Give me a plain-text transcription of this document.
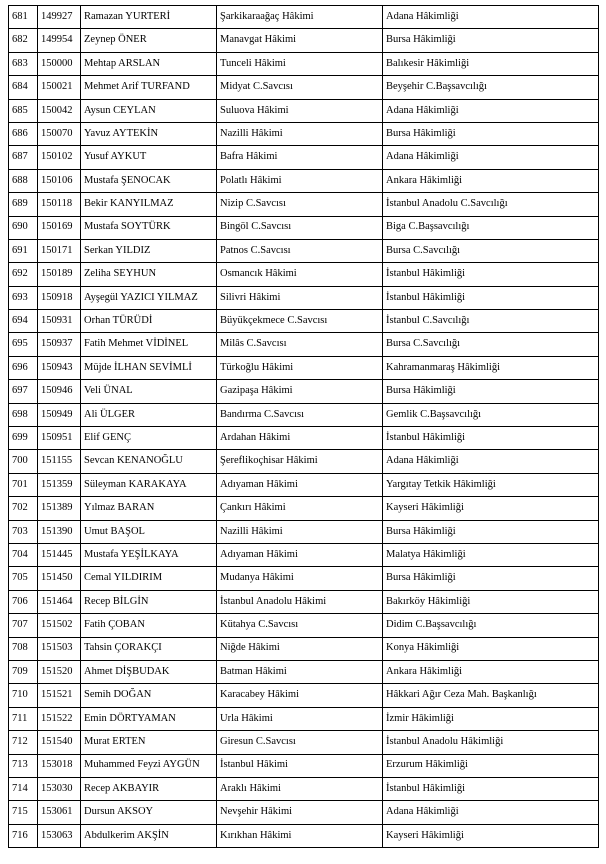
681	149927	Ramazan YURTERİ	Şarkikaraağaç Hâkimi	Adana Hâkimliği
682	149954	Zeynep ÖNER	Manavgat Hâkimi	Bursa Hâkimliği
683	150000	Mehtap ARSLAN	Tunceli Hâkimi	Balıkesir Hâkimliği
684	150021	Mehmet Arif TURFAND	Midyat C.Savcısı	Beyşehir C.Başsavcılığı
685	150042	Aysun CEYLAN	Suluova Hâkimi	Adana Hâkimliği
686	150070	Yavuz AYTEKİN	Nazilli Hâkimi	Bursa Hâkimliği
687	150102	Yusuf AYKUT	Bafra Hâkimi	Adana Hâkimliği
688	150106	Mustafa ŞENOCAK	Polatlı Hâkimi	Ankara Hâkimliği
689	150118	Bekir KANYILMAZ	Nizip C.Savcısı	İstanbul Anadolu C.Savcılığı
690	150169	Mustafa SOYTÜRK	Bingöl C.Savcısı	Biga C.Başsavcılığı
691	150171	Serkan YILDIZ	Patnos C.Savcısı	Bursa C.Savcılığı
692	150189	Zeliha SEYHUN	Osmancık Hâkimi	İstanbul Hâkimliği
693	150918	Ayşegül YAZICI YILMAZ	Silivri Hâkimi	İstanbul Hâkimliği
694	150931	Orhan TÜRÜDİ	Büyükçekmece C.Savcısı	İstanbul C.Savcılığı
695	150937	Fatih Mehmet VİDİNEL	Milâs C.Savcısı	Bursa C.Savcılığı
696	150943	Müjde İLHAN SEVİMLİ	Türkoğlu Hâkimi	Kahramanmaraş Hâkimliği
697	150946	Veli ÜNAL	Gazipaşa Hâkimi	Bursa Hâkimliği
698	150949	Ali ÜLGER	Bandırma C.Savcısı	Gemlik C.Başsavcılığı
699	150951	Elif GENÇ	Ardahan Hâkimi	İstanbul Hâkimliği
700	151155	Sevcan KENANOĞLU	Şereflikoçhisar Hâkimi	Adana Hâkimliği
701	151359	Süleyman KARAKAYA	Adıyaman Hâkimi	Yargıtay Tetkik Hâkimliği
702	151389	Yılmaz BARAN	Çankırı Hâkimi	Kayseri Hâkimliği
703	151390	Umut BAŞOL	Nazilli Hâkimi	Bursa Hâkimliği
704	151445	Mustafa YEŞİLKAYA	Adıyaman Hâkimi	Malatya Hâkimliği
705	151450	Cemal YILDIRIM	Mudanya Hâkimi	Bursa Hâkimliği
706	151464	Recep BİLGİN	İstanbul Anadolu Hâkimi	Bakırköy Hâkimliği
707	151502	Fatih ÇOBAN	Kütahya C.Savcısı	Didim C.Başsavcılığı
708	151503	Tahsin ÇORAKÇI	Niğde Hâkimi	Konya Hâkimliği
709	151520	Ahmet DİŞBUDAK	Batman Hâkimi	Ankara Hâkimliği
710	151521	Semih DOĞAN	Karacabey Hâkimi	Hâkkari Ağır Ceza Mah. Başkanlığı
711	151522	Emin DÖRTYAMAN	Urla Hâkimi	İzmir Hâkimliği
712	151540	Murat ERTEN	Giresun C.Savcısı	İstanbul Anadolu Hâkimliği
713	153018	Muhammed Feyzi AYGÜN	İstanbul Hâkimi	Erzurum Hâkimliği
714	153030	Recep AKBAYIR	Araklı Hâkimi	İstanbul Hâkimliği
715	153061	Dursun AKSOY	Nevşehir Hâkimi	Adana Hâkimliği
716	153063	Abdulkerim AKŞİN	Kırıkhan Hâkimi	Kayseri Hâkimliği
